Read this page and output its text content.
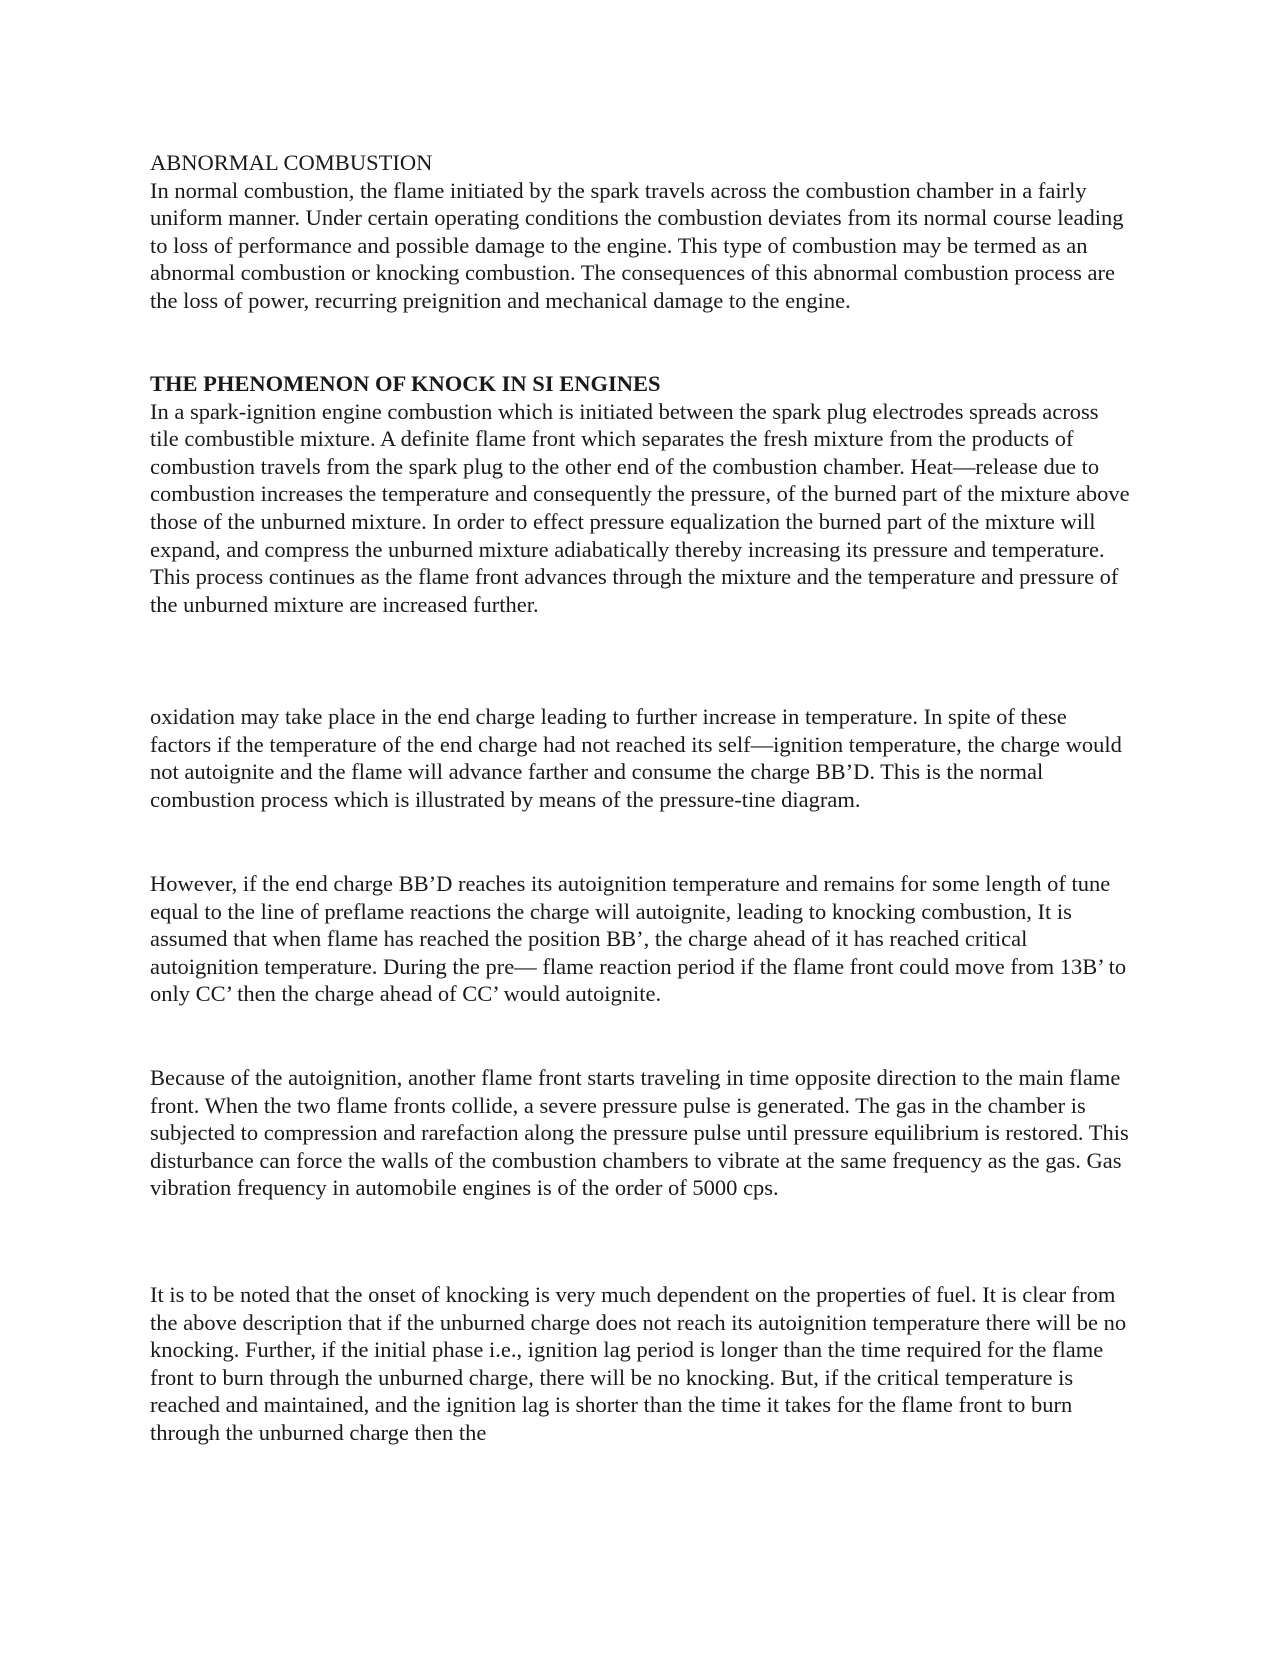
ABNORMAL COMBUSTION
In normal combustion, the flame initiated by the spark travels across the combustion chamber in a fairly uniform manner. Under certain operating conditions the combustion deviates from its normal course leading to loss of performance and possible damage to the engine. This type of combustion may be termed as an abnormal combustion or knocking combustion. The consequences of this abnormal combustion process are the loss of power, recurring preignition and mechanical damage to the engine.
THE PHENOMENON OF KNOCK IN SI ENGINES
In a spark-ignition engine combustion which is initiated between the spark plug electrodes spreads across tile combustible mixture. A definite flame front which separates the fresh mixture from the products of combustion travels from the spark plug to the other end of the combustion chamber. Heat—release due to combustion increases the temperature and consequently the pressure, of the burned part of the mixture above those of the unburned mixture. In order to effect pressure equalization the burned part of the mixture will expand, and compress the unburned mixture adiabatically thereby increasing its pressure and temperature. This process continues as the flame front advances through the mixture and the temperature and pressure of the unburned mixture are increased further.

oxidation may take place in the end charge leading to further increase in temperature. In spite of these factors if the temperature of the end charge had not reached its self—ignition temperature, the charge would not autoignite and the flame will advance farther and consume the charge BB’D. This is the normal combustion process which is illustrated by means of the pressure-tine diagram.

However, if the end charge BB’D reaches its autoignition temperature and remains for some length of tune equal to the line of preflame reactions the charge will autoignite, leading to knocking combustion, It is assumed that when flame has reached the position BB’, the charge ahead of it has reached critical autoignition temperature. During the pre— flame reaction period if the flame front could move from 13B’ to only CC’ then the charge ahead of CC’ would autoignite.

Because of the autoignition, another flame front starts traveling in time opposite direction to the main flame front. When the two flame fronts collide, a severe pressure pulse is generated. The gas in the chamber is subjected to compression and rarefaction along the pressure pulse until pressure equilibrium is restored. This disturbance can force the walls of the combustion chambers to vibrate at the same frequency as the gas. Gas vibration frequency in automobile engines is of the order of 5000 cps.

It is to be noted that the onset of knocking is very much dependent on the properties of fuel. It is clear from the above description that if the unburned charge does not reach its autoignition temperature there will be no knocking. Further, if the initial phase i.e., ignition lag period is longer than the time required for the flame front to burn through the unburned charge, there will be no knocking. But, if the critical temperature is reached and maintained, and the ignition lag is shorter than the time it takes for the flame front to burn through the unburned charge then the
